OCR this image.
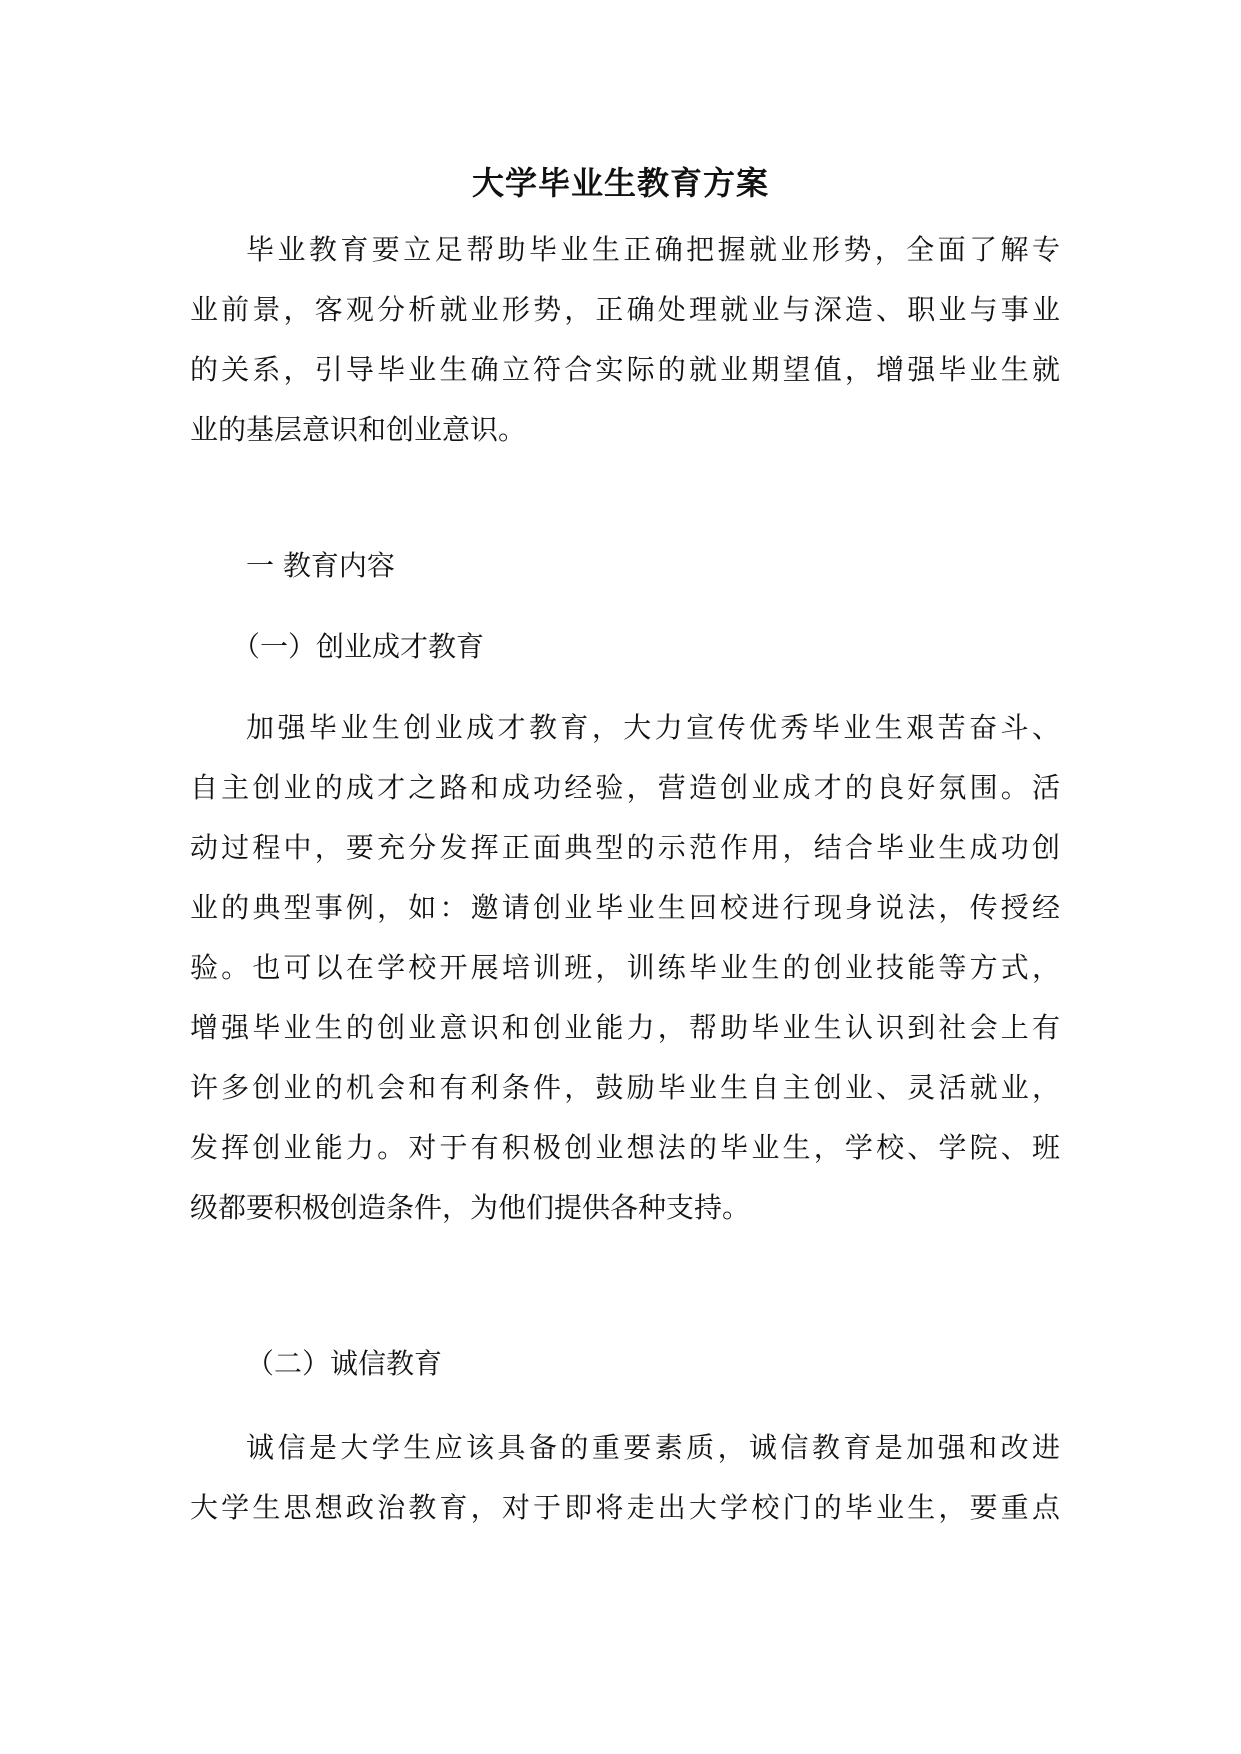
大学毕业生教育方案
毕业教育要立足帮助毕业生正确把握就业形势，全面了解专
业前景，客观分析就业形势，正确处理就业与深造、职业与事业
的关系，引导毕业生确立符合实际的就业期望值，增强毕业生就
业的基层意识和创业意识。
一 教育内容
（一）创业成才教育
加强毕业生创业成才教育，大力宣传优秀毕业生艰苦奋斗、
自主创业的成才之路和成功经验，营造创业成才的良好氛围。活
动过程中，要充分发挥正面典型的示范作用，结合毕业生成功创
业的典型事例，如：邀请创业毕业生回校进行现身说法，传授经
验。也可以在学校开展培训班，训练毕业生的创业技能等方式，
增强毕业生的创业意识和创业能力，帮助毕业生认识到社会上有
许多创业的机会和有利条件，鼓励毕业生自主创业、灵活就业，
发挥创业能力。对于有积极创业想法的毕业生，学校、学院、班
级都要积极创造条件，为他们提供各种支持。
（二）诚信教育
诚信是大学生应该具备的重要素质，诚信教育是加强和改进
大学生思想政治教育，对于即将走出大学校门的毕业生，要重点
